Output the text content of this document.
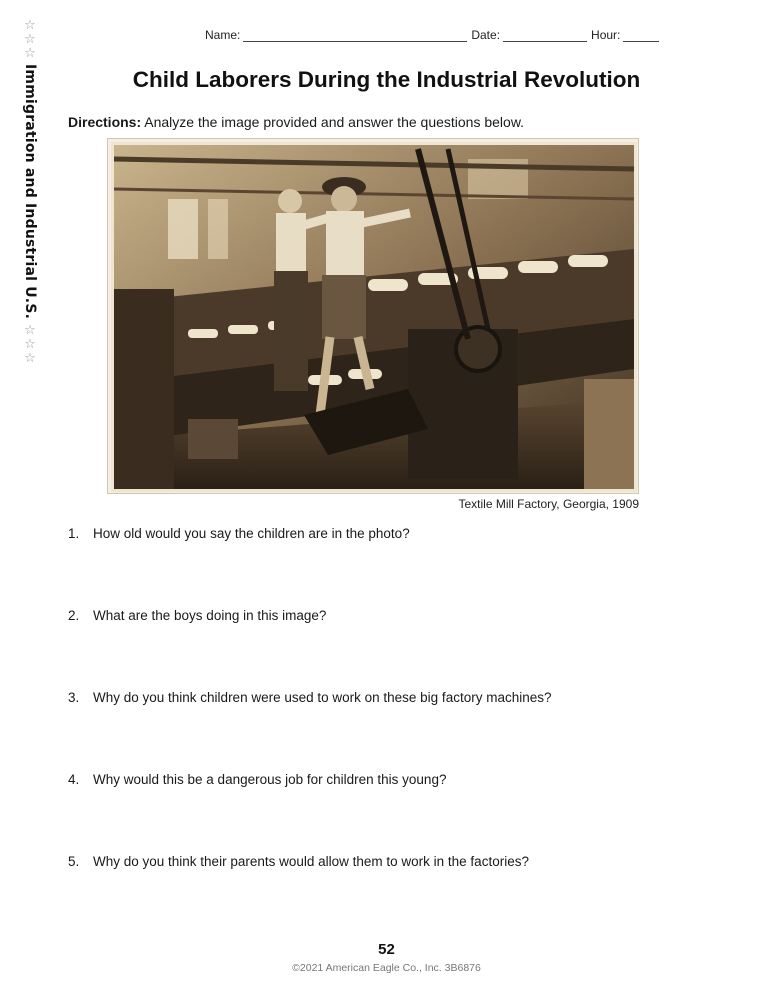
☆☆☆
Immigration and Industrial U.S.
☆☆☆
Name:	Date:	Hour:
Child Laborers During the Industrial Revolution
Directions: Analyze the image provided and answer the questions below.
Textile Mill Factory, Georgia, 1909
1. How old would you say the children are in the photo?
2. What are the boys doing in this image?
3. Why do you think children were used to work on these big factory machines?
4. Why would this be a dangerous job for children this young?
5. Why do you think their parents would allow them to work in the factories?
52
©2021 American Eagle Co., Inc. 3B6876
